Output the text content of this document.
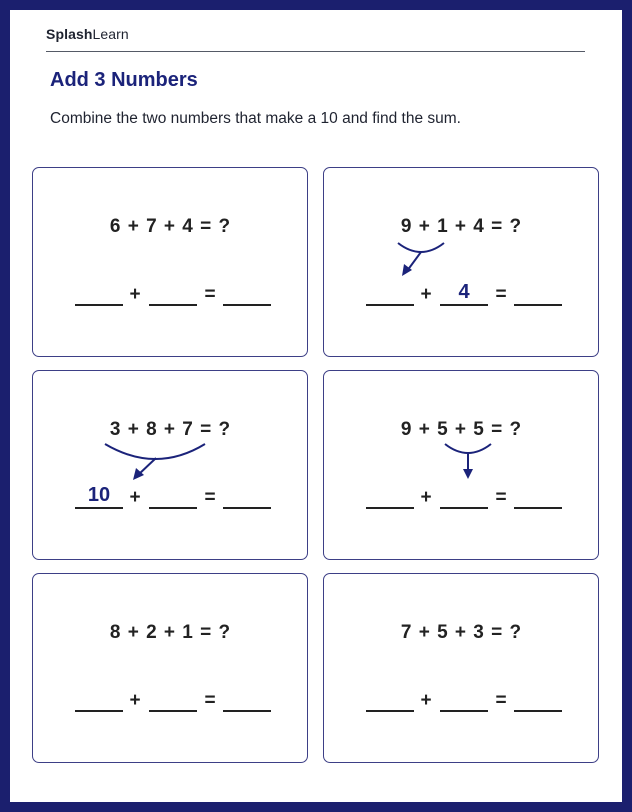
SplashLearn
Add 3 Numbers
Combine the two numbers that make a 10 and find the sum.
6 + 7 + 4 = ?
+	=
9 + 1 + 4 = ?
+	4	=
3 + 8 + 7 = ?
10	+	=
9 + 5 + 5 = ?
+	=
8 + 2 + 1 = ?
+	=
7 + 5 + 3 = ?
+	=
